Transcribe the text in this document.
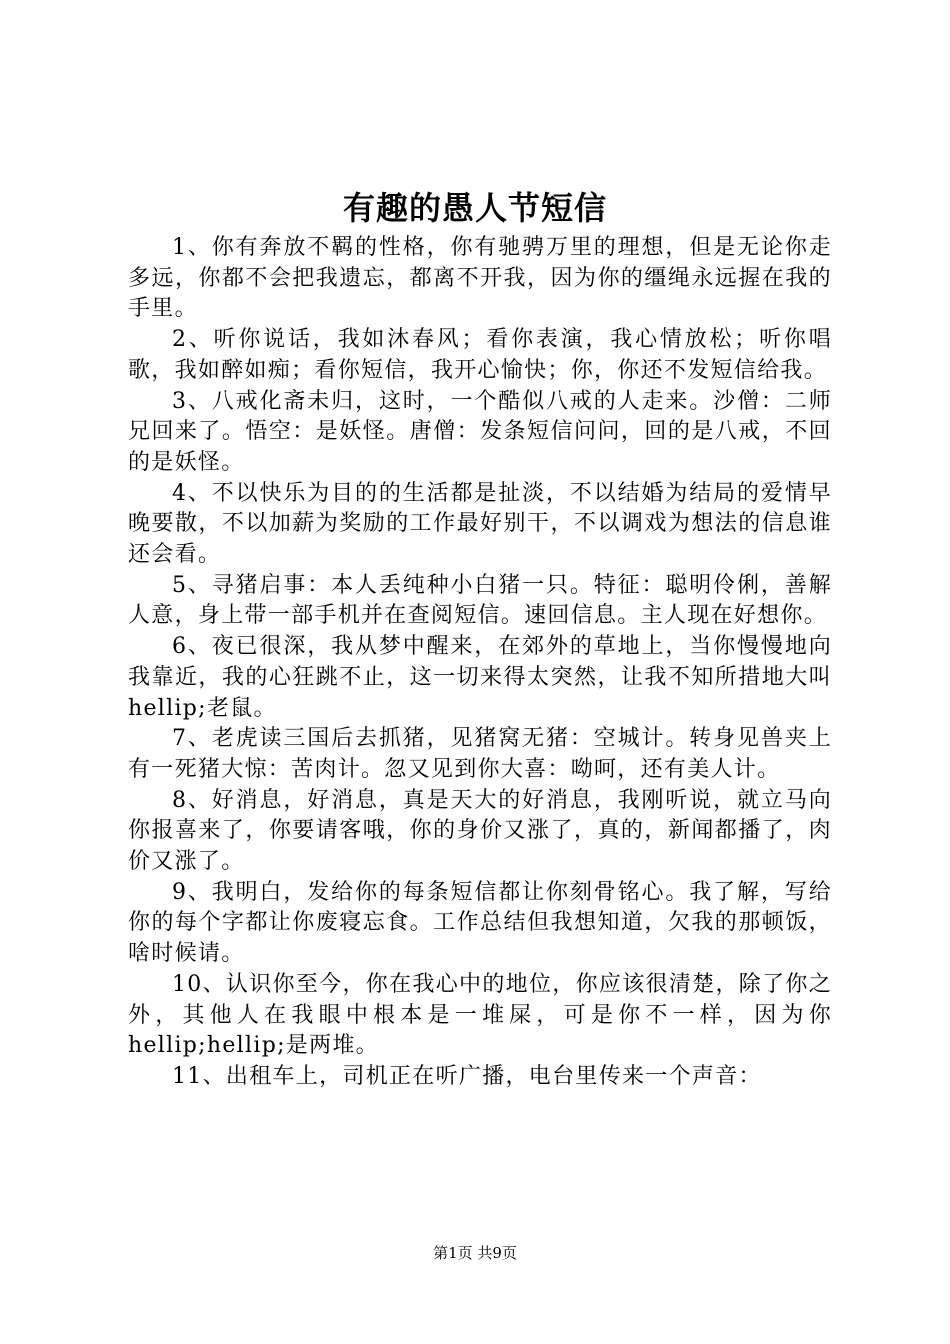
有趣的愚人节短信

1、你有奔放不羁的性格，你有驰骋万里的理想，但是无论你走多远，你都不会把我遗忘，都离不开我，因为你的缰绳永远握在我的手里。

2、听你说话，我如沐春风；看你表演，我心情放松；听你唱歌，我如醉如痴；看你短信，我开心愉快；你，你还不发短信给我。

3、八戒化斋未归，这时，一个酷似八戒的人走来。沙僧：二师兄回来了。悟空：是妖怪。唐僧：发条短信问问，回的是八戒，不回的是妖怪。

4、不以快乐为目的的生活都是扯淡，不以结婚为结局的爱情早晚要散，不以加薪为奖励的工作最好别干，不以调戏为想法的信息谁还会看。

5、寻猪启事：本人丢纯种小白猪一只。特征：聪明伶俐，善解人意，身上带一部手机并在查阅短信。速回信息。主人现在好想你。

6、夜已很深，我从梦中醒来，在郊外的草地上，当你慢慢地向我靠近，我的心狂跳不止，这一切来得太突然，让我不知所措地大叫hellip;老鼠。

7、老虎读三国后去抓猪，见猪窝无猪：空城计。转身见兽夹上有一死猪大惊：苦肉计。忽又见到你大喜：呦呵，还有美人计。

8、好消息，好消息，真是天大的好消息，我刚听说，就立马向你报喜来了，你要请客哦，你的身价又涨了，真的，新闻都播了，肉价又涨了。

9、我明白，发给你的每条短信都让你刻骨铭心。我了解，写给你的每个字都让你废寝忘食。工作总结但我想知道，欠我的那顿饭，啥时候请。

10、认识你至今，你在我心中的地位，你应该很清楚，除了你之外，其他人在我眼中根本是一堆屎，可是你不一样，因为你hellip;hellip;是两堆。

11、出租车上，司机正在听广播，电台里传来一个声音：

第1页 共9页
